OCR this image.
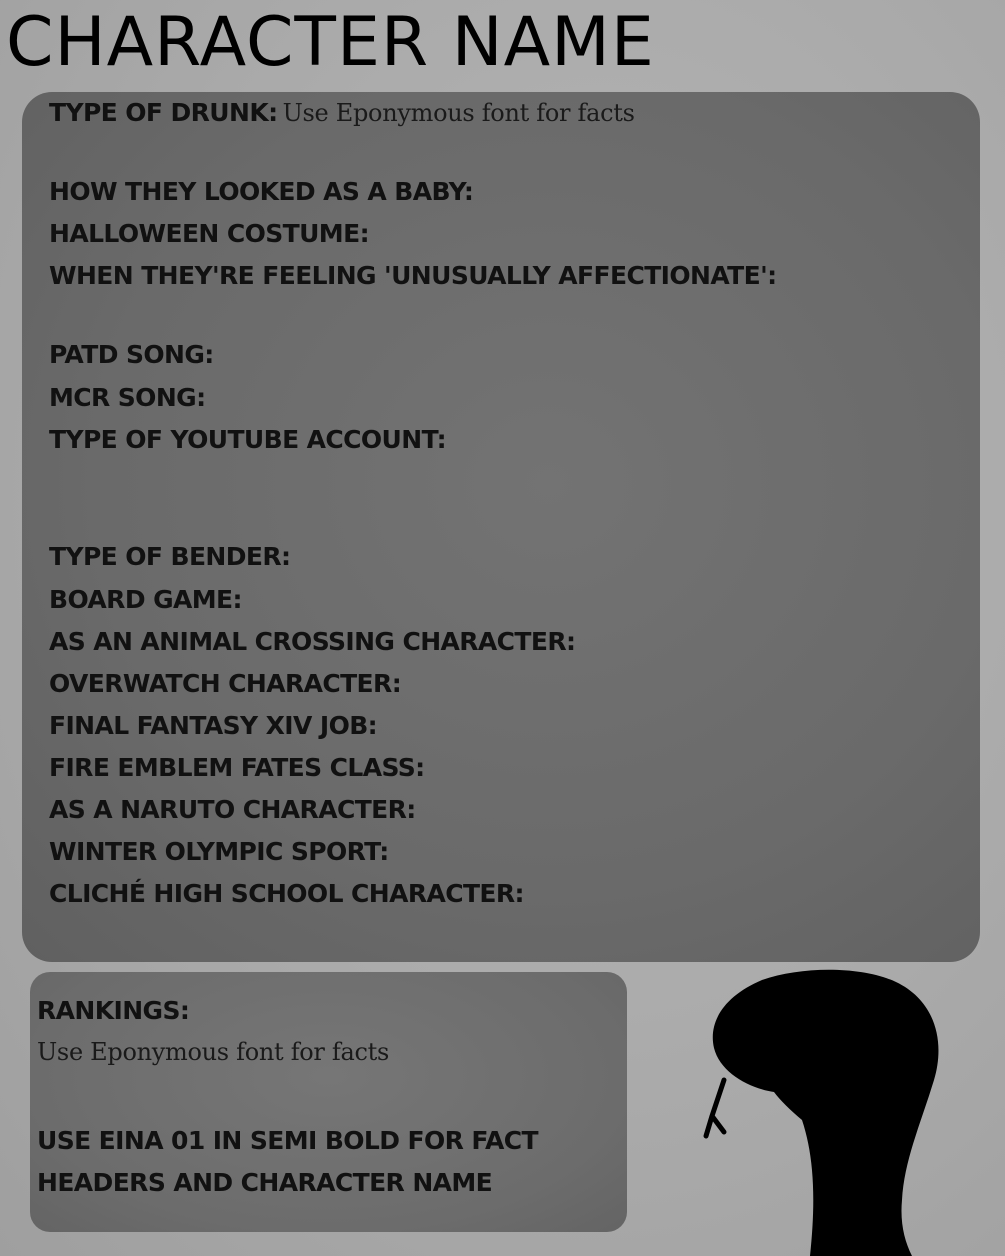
CHARACTER NAME
TYPE OF DRUNK: Use Eponymous font for facts
HOW THEY LOOKED AS A BABY:
HALLOWEEN COSTUME:
WHEN THEY'RE FEELING 'UNUSUALLY AFFECTIONATE':
PATD SONG:
MCR SONG:
TYPE OF YOUTUBE ACCOUNT:
TYPE OF BENDER:
BOARD GAME:
AS AN ANIMAL CROSSING CHARACTER:
OVERWATCH CHARACTER:
FINAL FANTASY XIV JOB:
FIRE EMBLEM FATES CLASS:
AS A NARUTO CHARACTER:
WINTER OLYMPIC SPORT:
CLICHÉ HIGH SCHOOL CHARACTER:
RANKINGS:

Use Eponymous font for facts

USE EINA 01 IN SEMI BOLD FOR FACT

HEADERS AND CHARACTER NAME
